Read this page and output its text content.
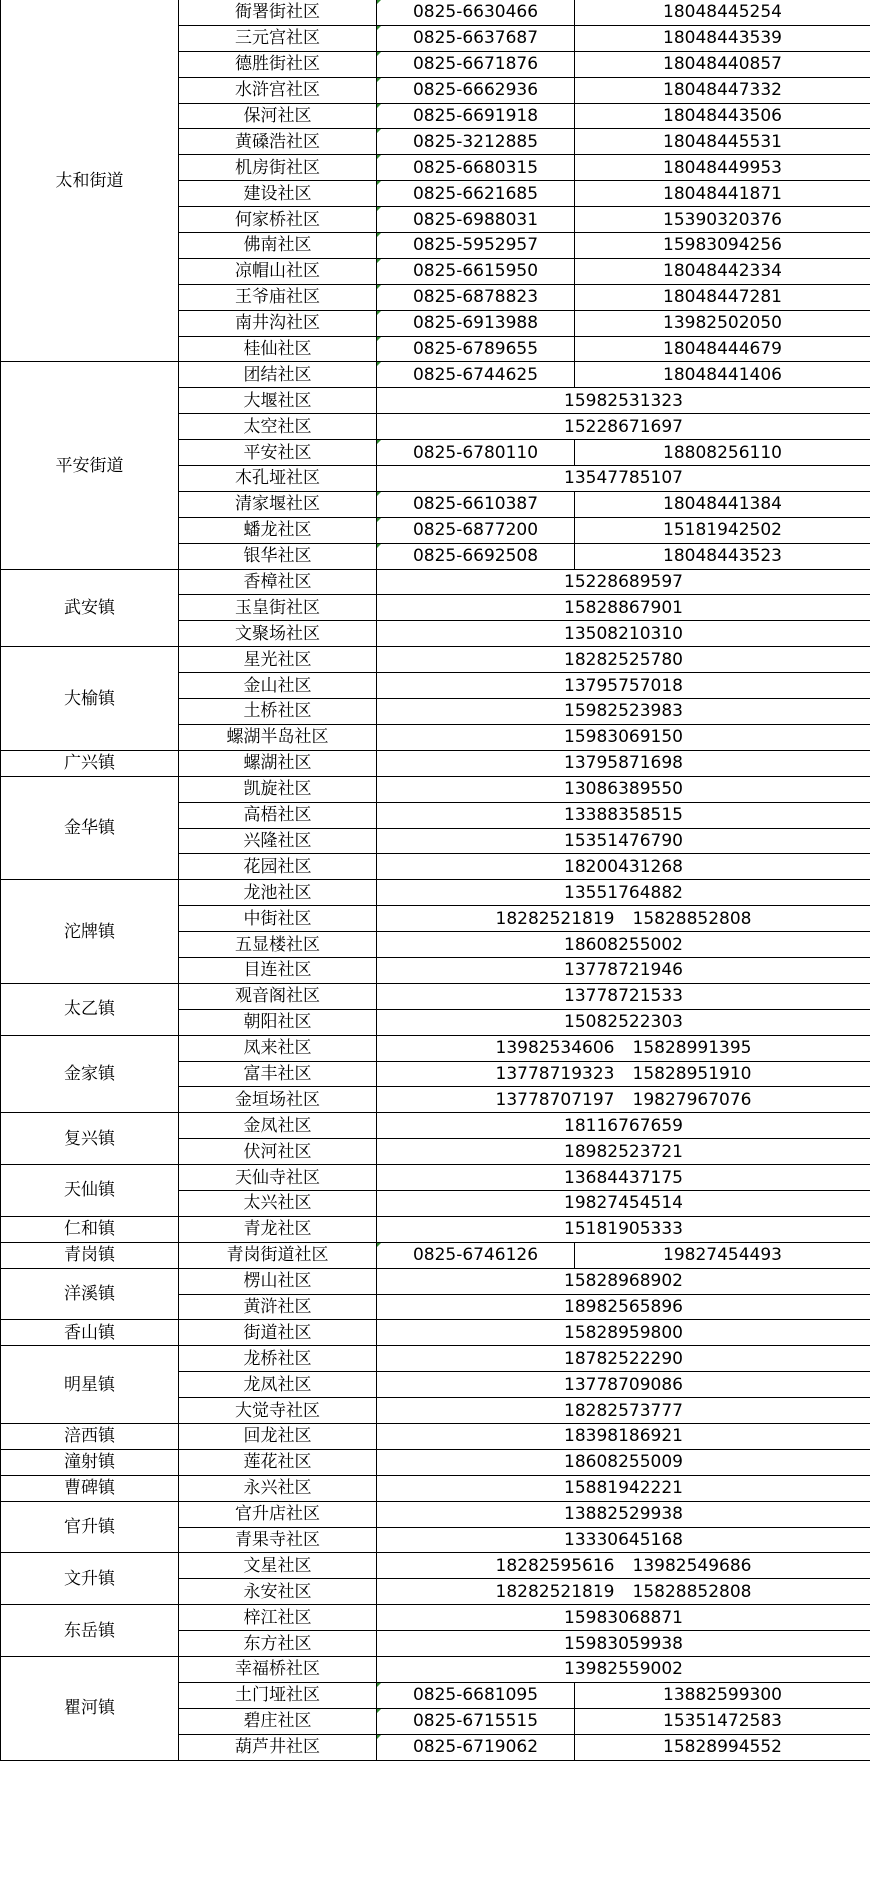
太和街道	衙署街社区	0825-6630466	18048445254
	三元宫社区	0825-6637687	18048443539
	德胜街社区	0825-6671876	18048440857
	水浒宫社区	0825-6662936	18048447332
	保河社区	0825-6691918	18048443506
	黄磉浩社区	0825-3212885	18048445531
	机房街社区	0825-6680315	18048449953
	建设社区	0825-6621685	18048441871
	何家桥社区	0825-6988031	15390320376
	佛南社区	0825-5952957	15983094256
	凉帽山社区	0825-6615950	18048442334
	王爷庙社区	0825-6878823	18048447281
	南井沟社区	0825-6913988	13982502050
	桂仙社区	0825-6789655	18048444679
平安街道	团结社区	0825-6744625	18048441406
	大堰社区	15982531323	
	太空社区	15228671697	
	平安社区	0825-6780110	18808256110
	木孔垭社区	13547785107	
	清家堰社区	0825-6610387	18048441384
	蟠龙社区	0825-6877200	15181942502
	银华社区	0825-6692508	18048443523
武安镇	香樟社区	15228689597	
	玉皇街社区	15828867901	
	文聚场社区	13508210310	
大榆镇	星光社区	18282525780	
	金山社区	13795757018	
	土桥社区	15982523983	
	螺湖半岛社区	15983069150	
广兴镇	螺湖社区	13795871698	
金华镇	凯旋社区	13086389550	
	高梧社区	13388358515	
	兴隆社区	15351476790	
	花园社区	18200431268	
沱牌镇	龙池社区	13551764882	
	中街社区	18282521819 15828852808	
	五显楼社区	18608255002	
	目连社区	13778721946	
太乙镇	观音阁社区	13778721533	
	朝阳社区	15082522303	
金家镇	凤来社区	13982534606 15828991395	
	富丰社区	13778719323 15828951910	
	金垣场社区	13778707197 19827967076	
复兴镇	金凤社区	18116767659	
	伏河社区	18982523721	
天仙镇	天仙寺社区	13684437175	
	太兴社区	19827454514	
仁和镇	青龙社区	15181905333	
青岗镇	青岗街道社区	0825-6746126	19827454493
洋溪镇	楞山社区	15828968902	
	黄浒社区	18982565896	
香山镇	街道社区	15828959800	
明星镇	龙桥社区	18782522290	
	龙凤社区	13778709086	
	大觉寺社区	18282573777	
涪西镇	回龙社区	18398186921	
潼射镇	莲花社区	18608255009	
曹碑镇	永兴社区	15881942221	
官升镇	官升店社区	13882529938	
	青果寺社区	13330645168	
文升镇	文星社区	18282595616 13982549686	
	永安社区	18282521819 15828852808	
东岳镇	梓江社区	15983068871	
	东方社区	15983059938	
瞿河镇	幸福桥社区	13982559002	
	土门垭社区	0825-6681095	13882599300
	碧庄社区	0825-6715515	15351472583
	葫芦井社区	0825-6719062	15828994552
